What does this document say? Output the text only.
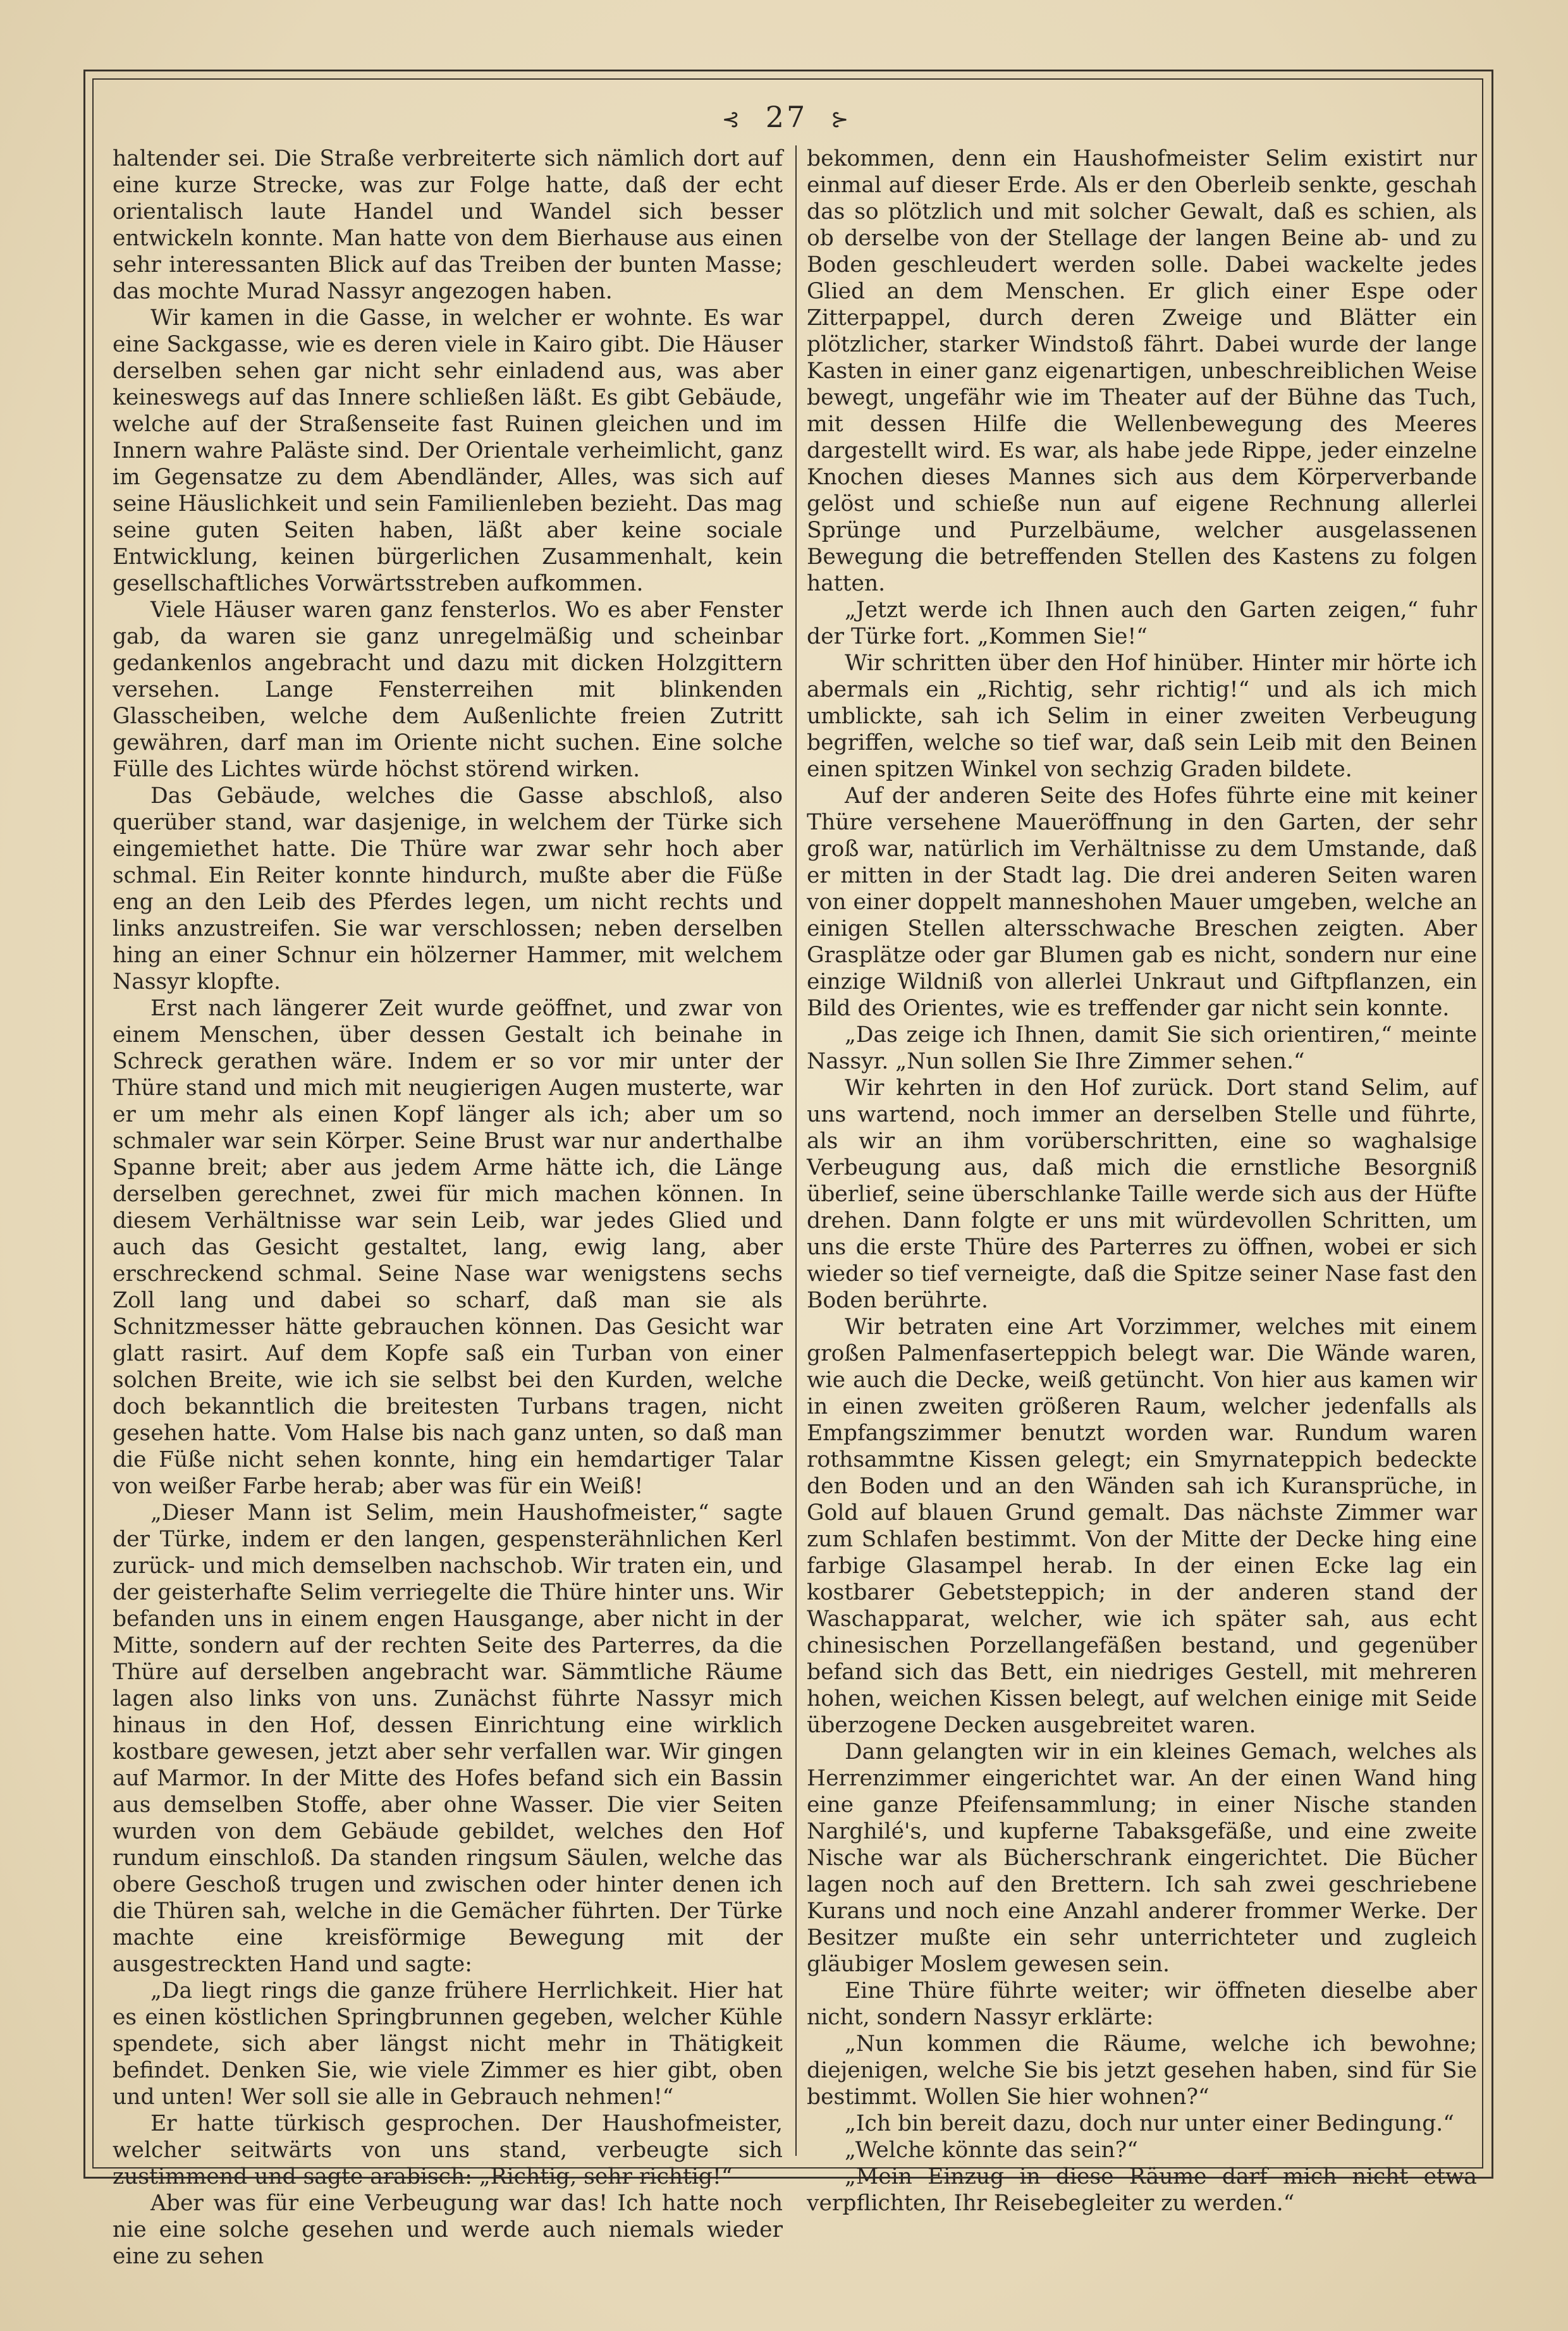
⊰ 27 ⊱

haltender sei. Die Straße verbreiterte sich nämlich dort auf eine kurze Strecke, was zur Folge hatte, daß der echt orientalisch laute Handel und Wandel sich besser entwickeln konnte. Man hatte von dem Bierhause aus einen sehr interessanten Blick auf das Treiben der bunten Masse; das mochte Murad Nassyr angezogen haben.

Wir kamen in die Gasse, in welcher er wohnte. Es war eine Sackgasse, wie es deren viele in Kairo gibt. Die Häuser derselben sehen gar nicht sehr einladend aus, was aber keineswegs auf das Innere schließen läßt. Es gibt Gebäude, welche auf der Straßenseite fast Ruinen gleichen und im Innern wahre Paläste sind. Der Orientale verheimlicht, ganz im Gegensatze zu dem Abendländer, Alles, was sich auf seine Häuslichkeit und sein Familienleben bezieht. Das mag seine guten Seiten haben, läßt aber keine sociale Entwicklung, keinen bürgerlichen Zusammenhalt, kein gesellschaftliches Vorwärtsstreben aufkommen.

Viele Häuser waren ganz fensterlos. Wo es aber Fenster gab, da waren sie ganz unregelmäßig und scheinbar gedankenlos angebracht und dazu mit dicken Holzgittern versehen. Lange Fensterreihen mit blinkenden Glasscheiben, welche dem Außenlichte freien Zutritt gewähren, darf man im Oriente nicht suchen. Eine solche Fülle des Lichtes würde höchst störend wirken.

Das Gebäude, welches die Gasse abschloß, also querüber stand, war dasjenige, in welchem der Türke sich eingemiethet hatte. Die Thüre war zwar sehr hoch aber schmal. Ein Reiter konnte hindurch, mußte aber die Füße eng an den Leib des Pferdes legen, um nicht rechts und links anzustreifen. Sie war verschlossen; neben derselben hing an einer Schnur ein hölzerner Hammer, mit welchem Nassyr klopfte.

Erst nach längerer Zeit wurde geöffnet, und zwar von einem Menschen, über dessen Gestalt ich beinahe in Schreck gerathen wäre. Indem er so vor mir unter der Thüre stand und mich mit neugierigen Augen musterte, war er um mehr als einen Kopf länger als ich; aber um so schmaler war sein Körper. Seine Brust war nur anderthalbe Spanne breit; aber aus jedem Arme hätte ich, die Länge derselben gerechnet, zwei für mich machen können. In diesem Verhältnisse war sein Leib, war jedes Glied und auch das Gesicht gestaltet, lang, ewig lang, aber erschreckend schmal. Seine Nase war wenigstens sechs Zoll lang und dabei so scharf, daß man sie als Schnitzmesser hätte gebrauchen können. Das Gesicht war glatt rasirt. Auf dem Kopfe saß ein Turban von einer solchen Breite, wie ich sie selbst bei den Kurden, welche doch bekanntlich die breitesten Turbans tragen, nicht gesehen hatte. Vom Halse bis nach ganz unten, so daß man die Füße nicht sehen konnte, hing ein hemdartiger Talar von weißer Farbe herab; aber was für ein Weiß!

„Dieser Mann ist Selim, mein Haushofmeister,“ sagte der Türke, indem er den langen, gespensterähnlichen Kerl zurück- und mich demselben nachschob. Wir traten ein, und der geisterhafte Selim verriegelte die Thüre hinter uns. Wir befanden uns in einem engen Hausgange, aber nicht in der Mitte, sondern auf der rechten Seite des Parterres, da die Thüre auf derselben angebracht war. Sämmtliche Räume lagen also links von uns. Zunächst führte Nassyr mich hinaus in den Hof, dessen Einrichtung eine wirklich kostbare gewesen, jetzt aber sehr verfallen war. Wir gingen auf Marmor. In der Mitte des Hofes befand sich ein Bassin aus demselben Stoffe, aber ohne Wasser. Die vier Seiten wurden von dem Gebäude gebildet, welches den Hof rundum einschloß. Da standen ringsum Säulen, welche das obere Geschoß trugen und zwischen oder hinter denen ich die Thüren sah, welche in die Gemächer führten. Der Türke machte eine kreisförmige Bewegung mit der ausgestreckten Hand und sagte:

„Da liegt rings die ganze frühere Herrlichkeit. Hier hat es einen köstlichen Springbrunnen gegeben, welcher Kühle spendete, sich aber längst nicht mehr in Thätigkeit befindet. Denken Sie, wie viele Zimmer es hier gibt, oben und unten! Wer soll sie alle in Gebrauch nehmen!“

Er hatte türkisch gesprochen. Der Haushofmeister, welcher seitwärts von uns stand, verbeugte sich zustimmend und sagte arabisch: „Richtig, sehr richtig!“

Aber was für eine Verbeugung war das! Ich hatte noch nie eine solche gesehen und werde auch niemals wieder eine zu sehen

bekommen, denn ein Haushofmeister Selim existirt nur einmal auf dieser Erde. Als er den Oberleib senkte, geschah das so plötzlich und mit solcher Gewalt, daß es schien, als ob derselbe von der Stellage der langen Beine ab- und zu Boden geschleudert werden solle. Dabei wackelte jedes Glied an dem Menschen. Er glich einer Espe oder Zitterpappel, durch deren Zweige und Blätter ein plötzlicher, starker Windstoß fährt. Dabei wurde der lange Kasten in einer ganz eigenartigen, unbeschreiblichen Weise bewegt, ungefähr wie im Theater auf der Bühne das Tuch, mit dessen Hilfe die Wellenbewegung des Meeres dargestellt wird. Es war, als habe jede Rippe, jeder einzelne Knochen dieses Mannes sich aus dem Körperverbande gelöst und schieße nun auf eigene Rechnung allerlei Sprünge und Purzelbäume, welcher ausgelassenen Bewegung die betreffenden Stellen des Kastens zu folgen hatten.

„Jetzt werde ich Ihnen auch den Garten zeigen,“ fuhr der Türke fort. „Kommen Sie!“

Wir schritten über den Hof hinüber. Hinter mir hörte ich abermals ein „Richtig, sehr richtig!“ und als ich mich umblickte, sah ich Selim in einer zweiten Verbeugung begriffen, welche so tief war, daß sein Leib mit den Beinen einen spitzen Winkel von sechzig Graden bildete.

Auf der anderen Seite des Hofes führte eine mit keiner Thüre versehene Maueröffnung in den Garten, der sehr groß war, natürlich im Verhältnisse zu dem Umstande, daß er mitten in der Stadt lag. Die drei anderen Seiten waren von einer doppelt manneshohen Mauer umgeben, welche an einigen Stellen altersschwache Breschen zeigten. Aber Grasplätze oder gar Blumen gab es nicht, sondern nur eine einzige Wildniß von allerlei Unkraut und Giftpflanzen, ein Bild des Orientes, wie es treffender gar nicht sein konnte.

„Das zeige ich Ihnen, damit Sie sich orientiren,“ meinte Nassyr. „Nun sollen Sie Ihre Zimmer sehen.“

Wir kehrten in den Hof zurück. Dort stand Selim, auf uns wartend, noch immer an derselben Stelle und führte, als wir an ihm vorüberschritten, eine so waghalsige Verbeugung aus, daß mich die ernstliche Besorgniß überlief, seine überschlanke Taille werde sich aus der Hüfte drehen. Dann folgte er uns mit würdevollen Schritten, um uns die erste Thüre des Parterres zu öffnen, wobei er sich wieder so tief verneigte, daß die Spitze seiner Nase fast den Boden berührte.

Wir betraten eine Art Vorzimmer, welches mit einem großen Palmenfaserteppich belegt war. Die Wände waren, wie auch die Decke, weiß getüncht. Von hier aus kamen wir in einen zweiten größeren Raum, welcher jedenfalls als Empfangszimmer benutzt worden war. Rundum waren rothsammtne Kissen gelegt; ein Smyrnateppich bedeckte den Boden und an den Wänden sah ich Kuransprüche, in Gold auf blauen Grund gemalt. Das nächste Zimmer war zum Schlafen bestimmt. Von der Mitte der Decke hing eine farbige Glasampel herab. In der einen Ecke lag ein kostbarer Gebetsteppich; in der anderen stand der Waschapparat, welcher, wie ich später sah, aus echt chinesischen Porzellangefäßen bestand, und gegenüber befand sich das Bett, ein niedriges Gestell, mit mehreren hohen, weichen Kissen belegt, auf welchen einige mit Seide überzogene Decken ausgebreitet waren.

Dann gelangten wir in ein kleines Gemach, welches als Herrenzimmer eingerichtet war. An der einen Wand hing eine ganze Pfeifensammlung; in einer Nische standen Narghilé's, und kupferne Tabaksgefäße, und eine zweite Nische war als Bücherschrank eingerichtet. Die Bücher lagen noch auf den Brettern. Ich sah zwei geschriebene Kurans und noch eine Anzahl anderer frommer Werke. Der Besitzer mußte ein sehr unterrichteter und zugleich gläubiger Moslem gewesen sein.

Eine Thüre führte weiter; wir öffneten dieselbe aber nicht, sondern Nassyr erklärte:

„Nun kommen die Räume, welche ich bewohne; diejenigen, welche Sie bis jetzt gesehen haben, sind für Sie bestimmt. Wollen Sie hier wohnen?“

„Ich bin bereit dazu, doch nur unter einer Bedingung.“

„Welche könnte das sein?“

„Mein Einzug in diese Räume darf mich nicht etwa verpflichten, Ihr Reisebegleiter zu werden.“
